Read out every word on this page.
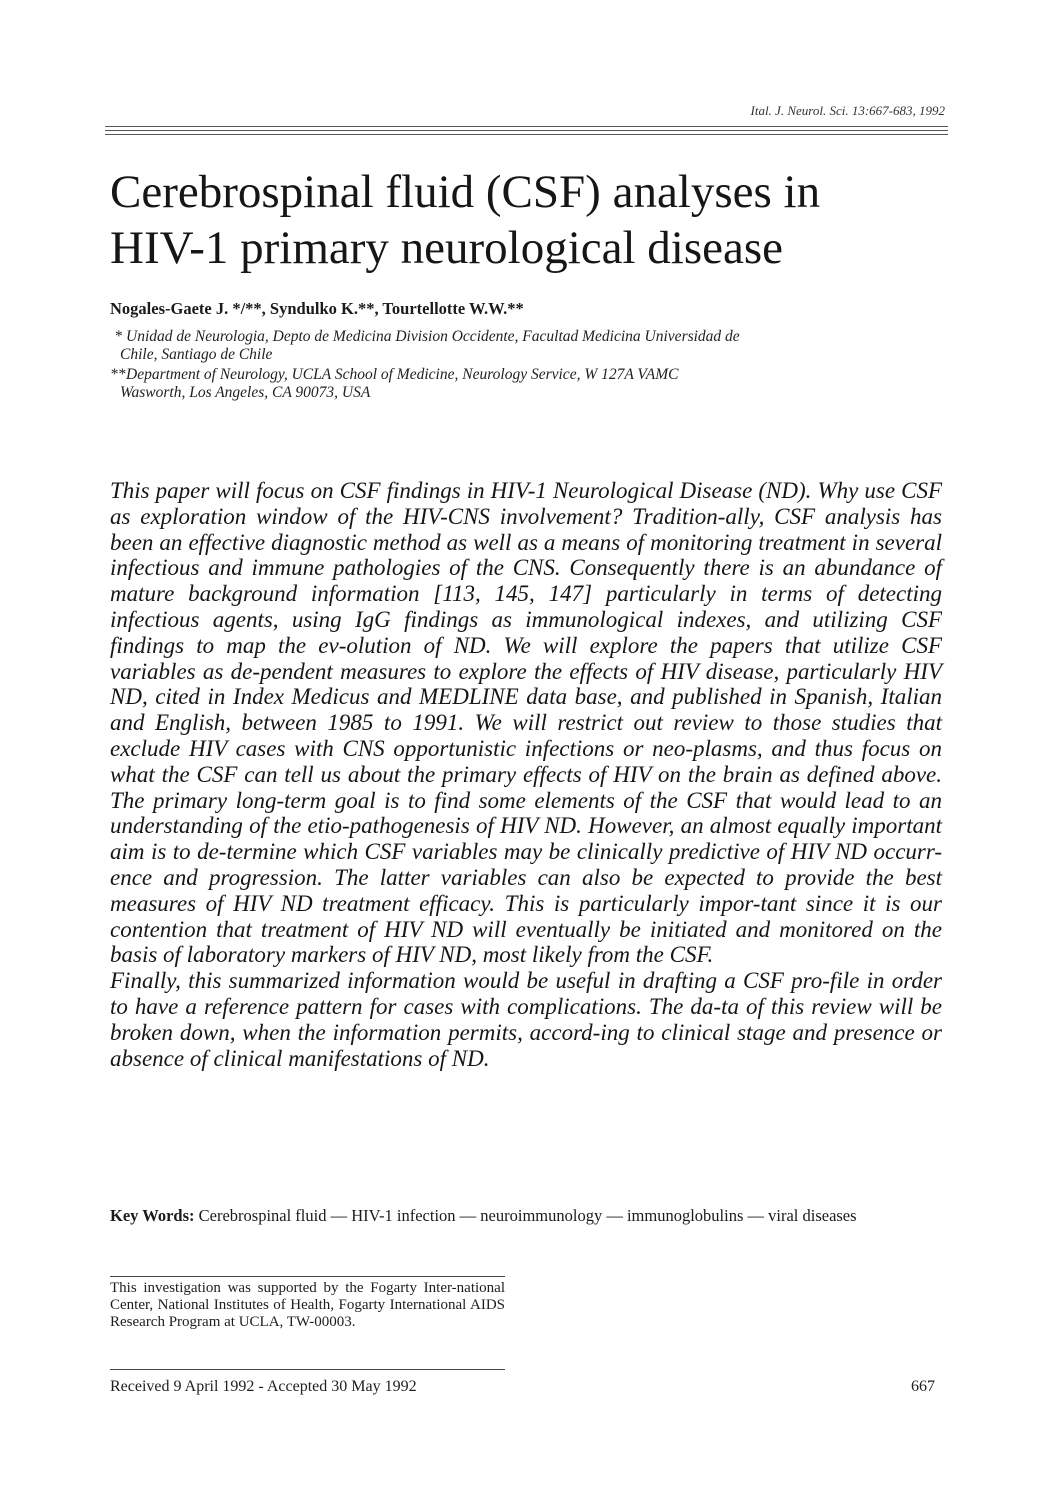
Ital. J. Neurol. Sci. 13:667-683, 1992
Cerebrospinal fluid (CSF) analyses in
HIV-1 primary neurological disease
Nogales-Gaete J. */**, Syndulko K.**, Tourtellotte W.W.**
* Unidad de Neurologia, Depto de Medicina Division Occidente, Facultad Medicina Universidad de
Chile, Santiago de Chile
**Department of Neurology, UCLA School of Medicine, Neurology Service, W 127A VAMC
Wasworth, Los Angeles, CA 90073, USA

This paper will focus on CSF findings in HIV-1 Neurological Disease (ND). Why use CSF as exploration window of the HIV-CNS involvement? Tradition-ally, CSF analysis has been an effective diagnostic method as well as a means of monitoring treatment in several infectious and immune pathologies of the CNS. Consequently there is an abundance of mature background information [113, 145, 147] particularly in terms of detecting infectious agents, using IgG findings as immunological indexes, and utilizing CSF findings to map the ev-olution of ND. We will explore the papers that utilize CSF variables as de-pendent measures to explore the effects of HIV disease, particularly HIV ND, cited in Index Medicus and MEDLINE data base, and published in Spanish, Italian and English, between 1985 to 1991. We will restrict out review to those studies that exclude HIV cases with CNS opportunistic infections or neo-plasms, and thus focus on what the CSF can tell us about the primary effects of HIV on the brain as defined above. The primary long-term goal is to find some elements of the CSF that would lead to an understanding of the etio-pathogenesis of HIV ND. However, an almost equally important aim is to de-termine which CSF variables may be clinically predictive of HIV ND occurr-ence and progression. The latter variables can also be expected to provide the best measures of HIV ND treatment efficacy. This is particularly impor-tant since it is our contention that treatment of HIV ND will eventually be initiated and monitored on the basis of laboratory markers of HIV ND, most likely from the CSF.

Finally, this summarized information would be useful in drafting a CSF pro-file in order to have a reference pattern for cases with complications. The da-ta of this review will be broken down, when the information permits, accord-ing to clinical stage and presence or absence of clinical manifestations of ND.

Key Words: Cerebrospinal fluid — HIV-1 infection — neuroimmunology — immunoglobulins — viral diseases
This investigation was supported by the Fogarty Inter-national Center, National Institutes of Health, Fogarty International AIDS Research Program at UCLA, TW-00003.
Received 9 April 1992 - Accepted 30 May 1992	667
